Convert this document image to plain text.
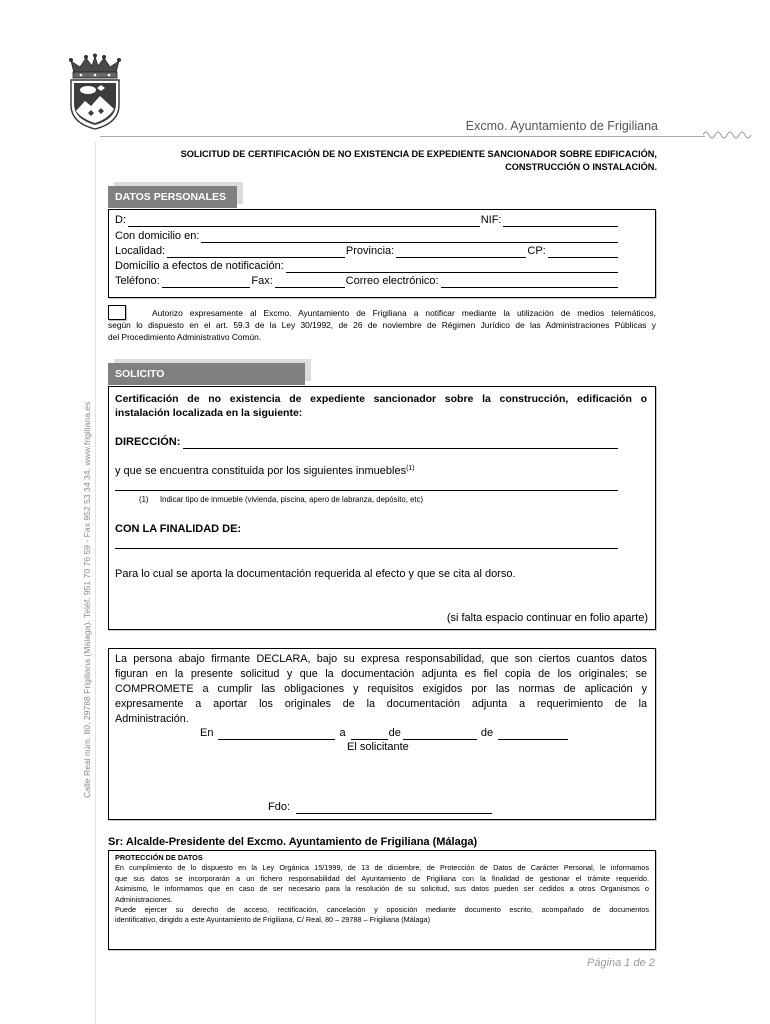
Excmo. Ayuntamiento de Frigiliana
Calle Real núm. 80, 29788 Frigiliana (Málaga). Teléf. 951 70 76 59 - Fax 952 53 34 34. www.frigiliana.es
SOLICITUD DE CERTIFICACIÓN DE NO EXISTENCIA DE EXPEDIENTE SANCIONADOR SOBRE EDIFICACIÓN,
CONSTRUCCIÓN O INSTALACIÓN.
DATOS PERSONALES
D:	NIF:
Con domicilio en:
Localidad:	Provincia:	CP:
Domicilio a efectos de notificación:
Teléfono:	Fax:	Correo electrónico:
Autorizo expresamente al Excmo. Ayuntamiento de Frigiliana a notificar mediante la utilización de medios telemáticos,
según lo dispuesto en el art. 59.3 de la Ley 30/1992, de 26 de noviembre de Régimen Jurídico de las Administraciones Públicas y
del Procedimiento Administrativo Común.
SOLICITO
Certificación de no existencia de expediente sancionador sobre la construcción, edificación o
instalación localizada en la siguiente:
DIRECCIÓN:
y que se encuentra constituida por los siguientes inmuebles$^{(1)}$
(1) Indicar tipo de inmueble (vivienda, piscina, apero de labranza, depósito, etc)
CON LA FINALIDAD DE:
Para lo cual se aporta la documentación requerida al efecto y que se cita al dorso.
(si falta espacio continuar en folio aparte)
La persona abajo firmante DECLARA, bajo su expresa responsabilidad, que son ciertos cuantos datos
figuran en la presente solicitud y que la documentación adjunta es fiel copia de los originales; se
COMPROMETE a cumplir las obligaciones y requisitos exigidos por las normas de aplicación y
expresamente a aportar los originales de la documentación adjunta a requerimiento de la
Administración.
En	a	de	de
El solicitante
Fdo:
Sr: Alcalde-Presidente del Excmo. Ayuntamiento de Frigiliana (Málaga)
PROTECCIÓN DE DATOS
En cumplimiento de lo dispuesto en la Ley Orgánica 15/1999, de 13 de diciembre, de Protección de Datos de Carácter Personal, le informamos
que sus datos se incorporarán a un fichero responsabilidad del Ayuntamiento de Frigiliana con la finalidad de gestionar el trámite requerido.
Asimismo, le informamos que en caso de ser necesario para la resolución de su solicitud, sus datos pueden ser cedidos a otros Organismos o
Administraciones.
Puede ejercer su derecho de acceso, rectificación, cancelación y oposición mediante documento escrito, acompañado de documentos
identificativo, dirigido a este Ayuntamiento de Frigiliana, C/ Real, 80 – 29788 – Frigiliana (Málaga)
Página 1 de 2
